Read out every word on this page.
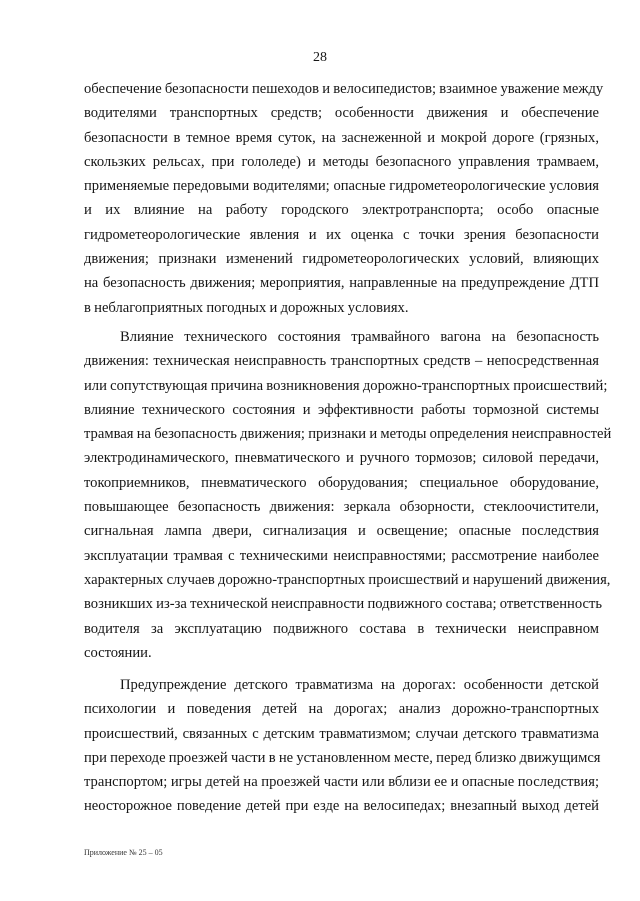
28
обеспечение безопасности пешеходов и велосипедистов; взаимное уважение между
водителями транспортных средств; особенности движения и обеспечение
безопасности в темное время суток, на заснеженной и мокрой дороге (грязных,
скользких рельсах, при гололеде) и методы безопасного управления трамваем,
применяемые передовыми водителями; опасные гидрометеорологические условия
и их влияние на работу городского электротранспорта; особо опасные
гидрометеорологические явления и их оценка с точки зрения безопасности
движения; признаки изменений гидрометеорологических условий, влияющих
на безопасность движения; мероприятия, направленные на предупреждение ДТП
в неблагоприятных погодных и дорожных условиях.
Влияние технического состояния трамвайного вагона на безопасность
движения: техническая неисправность транспортных средств – непосредственная
или сопутствующая причина возникновения дорожно-транспортных происшествий;
влияние технического состояния и эффективности работы тормозной системы
трамвая на безопасность движения; признаки и методы определения неисправностей
электродинамического, пневматического и ручного тормозов; силовой передачи,
токоприемников, пневматического оборудования; специальное оборудование,
повышающее безопасность движения: зеркала обзорности, стеклоочистители,
сигнальная лампа двери, сигнализация и освещение; опасные последствия
эксплуатации трамвая с техническими неисправностями; рассмотрение наиболее
характерных случаев дорожно-транспортных происшествий и нарушений движения,
возникших из-за технической неисправности подвижного состава; ответственность
водителя за эксплуатацию подвижного состава в технически неисправном
состоянии.
Предупреждение детского травматизма на дорогах: особенности детской
психологии и поведения детей на дорогах; анализ дорожно-транспортных
происшествий, связанных с детским травматизмом; случаи детского травматизма
при переходе проезжей части в не установленном месте, перед близко движущимся
транспортом; игры детей на проезжей части или вблизи ее и опасные последствия;
неосторожное поведение детей при езде на велосипедах; внезапный выход детей
Приложение № 25 – 05
